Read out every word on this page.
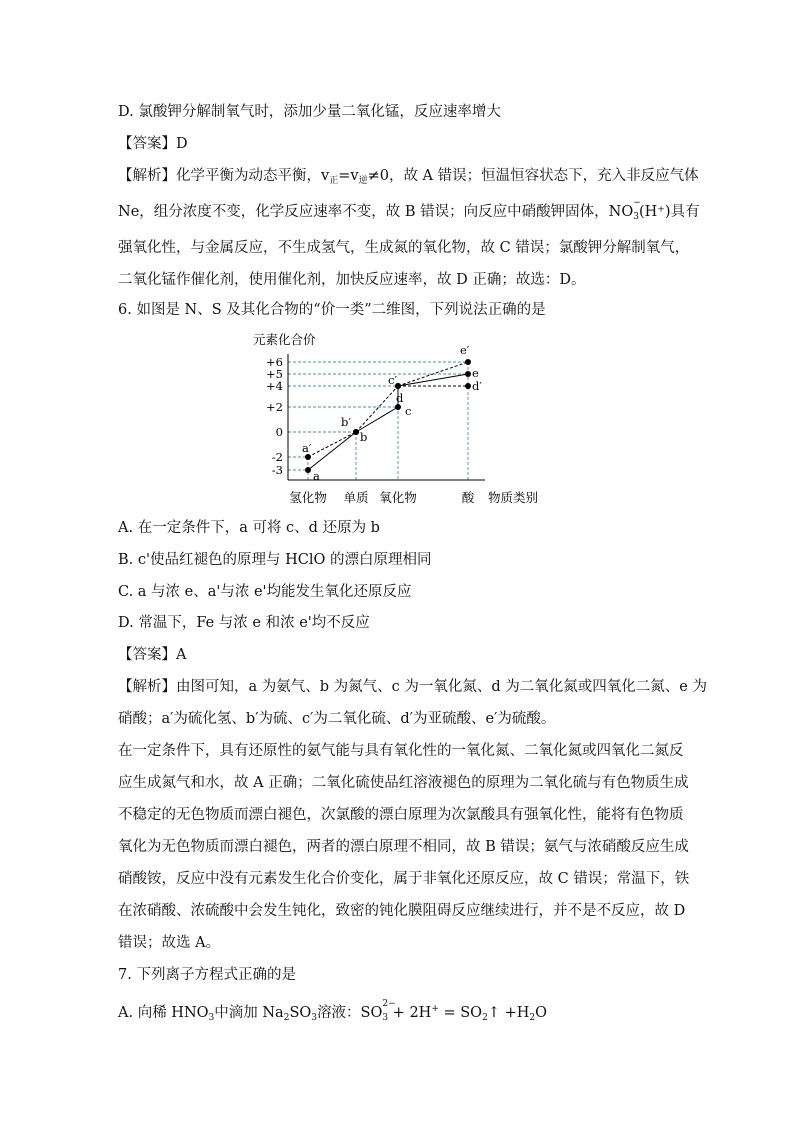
D. 氯酸钾分解制氧气时，添加少量二氧化锰，反应速率增大
【答案】D
【解析】化学平衡为动态平衡，$v_正=v_逆\ne 0$，故 A 错误；恒温恒容状态下，充入非反应气体
Ne，组分浓度不变，化学反应速率不变，故 B 错误；向反应中硝酸钾固体，NO
−
$_3$(H⁺)具有
强氧化性，与金属反应，不生成氢气，生成氮的氧化物，故 C 错误；氯酸钾分解制氧气，
二氧化锰作催化剂，使用催化剂，加快反应速率，故 D 正确；故选：D。
6. 如图是 N、S 及其化合物的“价一类”二维图，下列说法正确的是
元素化合价
+6
+5
+4
+2
0
-2
-3
氢化物 单质 氧化物	酸
a
b
c
d
e
a′
b′
c′	d′
e′
物质类别
A. 在一定条件下，a 可将 c、d 还原为 b
B. c'使品红褪色的原理与 HClO 的漂白原理相同
C. a 与浓 e、a'与浓 e'均能发生氧化还原反应
D. 常温下，Fe 与浓 e 和浓 e'均不反应
【答案】A
【解析】由图可知，a 为氨气、b 为氮气、c 为一氧化氮、d 为二氧化氮或四氧化二氮、e 为
硝酸；a′为硫化氢、b′为硫、c′为二氧化硫、d′为亚硫酸、e′为硫酸。
在一定条件下，具有还原性的氨气能与具有氧化性的一氧化氮、二氧化氮或四氧化二氮反
应生成氮气和水，故 A 正确；二氧化硫使品红溶液褪色的原理为二氧化硫与有色物质生成
不稳定的无色物质而漂白褪色，次氯酸的漂白原理为次氯酸具有强氧化性，能将有色物质
氧化为无色物质而漂白褪色，两者的漂白原理不相同，故 B 错误；氨气与浓硝酸反应生成
硝酸铵，反应中没有元素发生化合价变化，属于非氧化还原反应，故 C 错误；常温下，铁
在浓硝酸、浓硫酸中会发生钝化，致密的钝化膜阻碍反应继续进行，并不是不反应，故 D
错误；故选 A。
7. 下列离子方程式正确的是
A. 向稀 $HNO_3$中滴加 $Na_2SO_3$溶液：SO
2−
$_3 + 2H^+ = SO_2↑ +H_2O$
